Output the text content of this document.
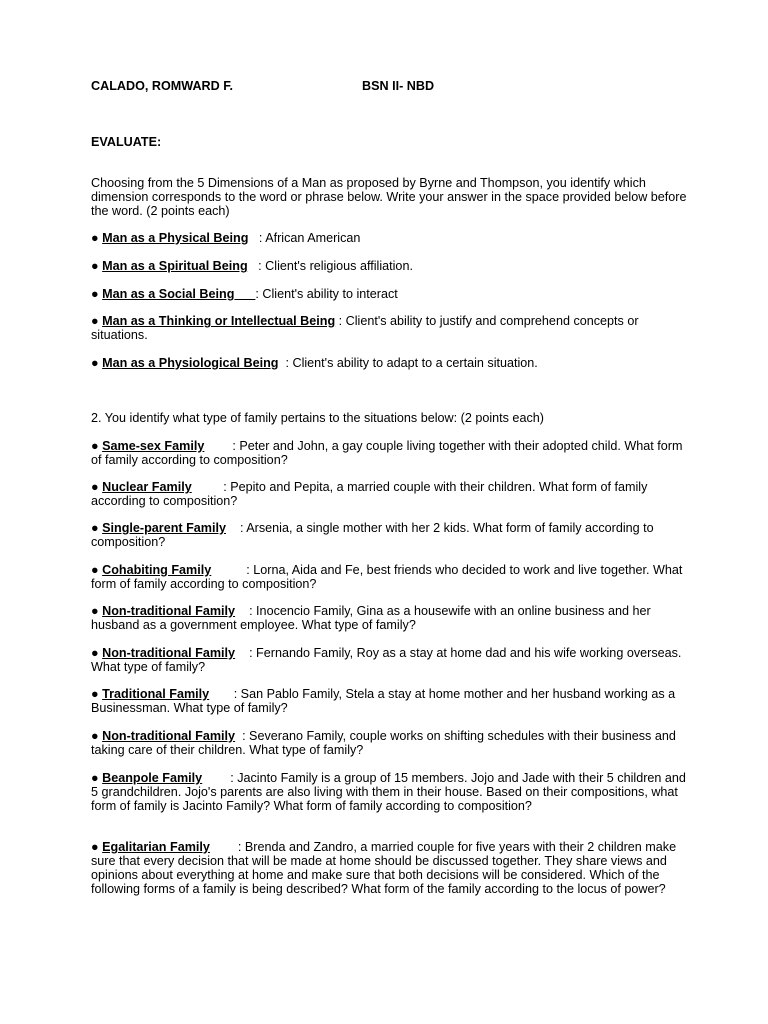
CALADO, ROMWARD F.	BSN II- NBD
EVALUATE:

Choosing from the 5 Dimensions of a Man as proposed by Byrne and Thompson, you identify which dimension corresponds to the word or phrase below. Write your answer in the space provided below before the word. (2 points each)

● Man as a Physical Being : African American

● Man as a Spiritual Being : Client's religious affiliation.

● Man as a Social Being : Client's ability to interact

● Man as a Thinking or Intellectual Being : Client's ability to justify and comprehend concepts or situations.

● Man as a Physiological Being : Client's ability to adapt to a certain situation.

2. You identify what type of family pertains to the situations below: (2 points each)

● Same-sex Family : Peter and John, a gay couple living together with their adopted child. What form of family according to composition?

● Nuclear Family	: Pepito and Pepita, a married couple with their children. What form of family according to composition?

● Single-parent Family : Arsenia, a single mother with her 2 kids. What form of family according to composition?

● Cohabiting Family	: Lorna, Aida and Fe, best friends who decided to work and live together. What form of family according to composition?

● Non-traditional Family : Inocencio Family, Gina as a housewife with an online business and her husband as a government employee. What type of family?

● Non-traditional Family : Fernando Family, Roy as a stay at home dad and his wife working overseas. What type of family?

● Traditional Family : San Pablo Family, Stela a stay at home mother and her husband working as a Businessman. What type of family?

● Non-traditional Family : Severano Family, couple works on shifting schedules with their business and taking care of their children. What type of family?

● Beanpole Family : Jacinto Family is a group of 15 members. Jojo and Jade with their 5 children and 5 grandchildren. Jojo's parents are also living with them in their house. Based on their compositions, what form of family is Jacinto Family? What form of family according to composition?

● Egalitarian Family : Brenda and Zandro, a married couple for five years with their 2 children make sure that every decision that will be made at home should be discussed together. They share views and opinions about everything at home and make sure that both decisions will be considered. Which of the following forms of a family is being described? What form of the family according to the locus of power?
